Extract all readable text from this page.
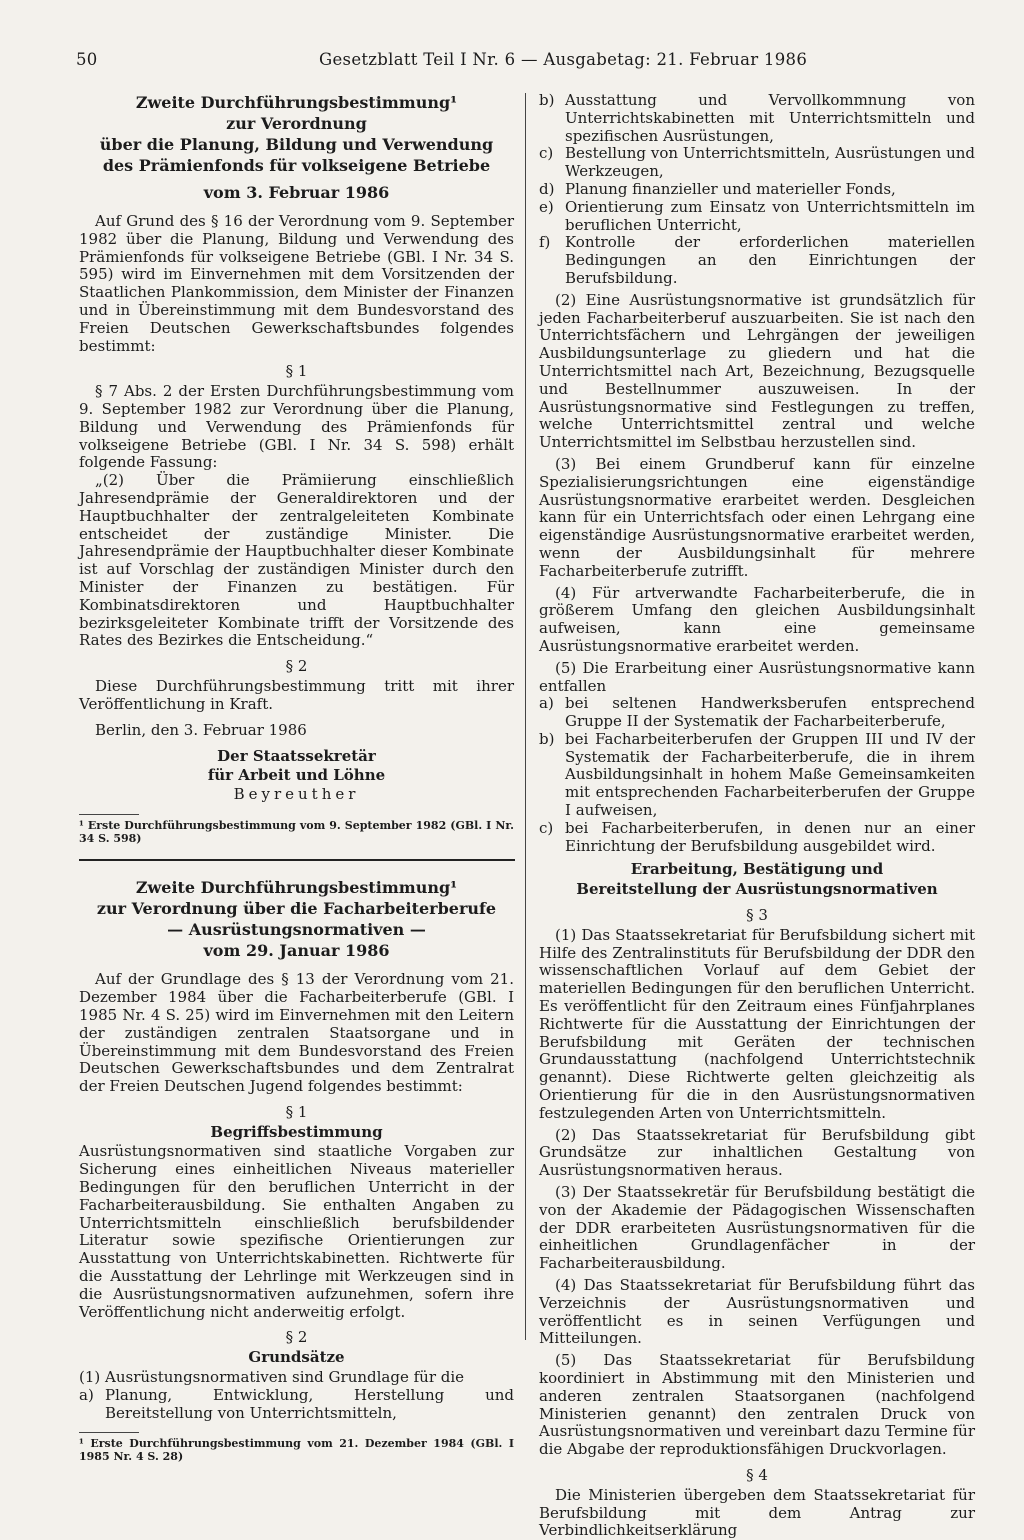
50	Gesetzblatt Teil I Nr. 6 — Ausgabetag: 21. Februar 1986
Zweite Durchführungsbestimmung¹
zur Verordnung
über die Planung, Bildung und Verwendung
des Prämienfonds für volkseigene Betriebe
vom 3. Februar 1986

Auf Grund des § 16 der Verordnung vom 9. September 1982 über die Planung, Bildung und Verwendung des Prämienfonds für volkseigene Betriebe (GBl. I Nr. 34 S. 595) wird im Einvernehmen mit dem Vorsitzenden der Staatlichen Plankommission, dem Minister der Finanzen und in Übereinstimmung mit dem Bundesvorstand des Freien Deutschen Gewerkschaftsbundes folgendes bestimmt:

§ 1

§ 7 Abs. 2 der Ersten Durchführungsbestimmung vom 9. September 1982 zur Verordnung über die Planung, Bildung und Verwendung des Prämienfonds für volkseigene Betriebe (GBl. I Nr. 34 S. 598) erhält folgende Fassung:

„(2) Über die Prämiierung einschließlich Jahresendprämie der Generaldirektoren und der Hauptbuchhalter der zentralgeleiteten Kombinate entscheidet der zuständige Minister. Die Jahresendprämie der Hauptbuchhalter dieser Kombinate ist auf Vorschlag der zuständigen Minister durch den Minister der Finanzen zu bestätigen. Für Kombinatsdirektoren und Hauptbuchhalter bezirksgeleiteter Kombinate trifft der Vorsitzende des Rates des Bezirkes die Entscheidung.“

§ 2

Diese Durchführungsbestimmung tritt mit ihrer Veröffentlichung in Kraft.

Berlin, den 3. Februar 1986

Der Staatssekretär
für Arbeit und Löhne
Beyreuther
¹ Erste Durchführungsbestimmung vom 9. September 1982 (GBl. I Nr. 34 S. 598)
Zweite Durchführungsbestimmung¹
zur Verordnung über die Facharbeiterberufe
— Ausrüstungsnormativen —
vom 29. Januar 1986

Auf der Grundlage des § 13 der Verordnung vom 21. Dezember 1984 über die Facharbeiterberufe (GBl. I 1985 Nr. 4 S. 25) wird im Einvernehmen mit den Leitern der zuständigen zentralen Staatsorgane und in Übereinstimmung mit dem Bundesvorstand des Freien Deutschen Gewerkschaftsbundes und dem Zentralrat der Freien Deutschen Jugend folgendes bestimmt:

§ 1
Begriffsbestimmung

Ausrüstungsnormativen sind staatliche Vorgaben zur Sicherung eines einheitlichen Niveaus materieller Bedingungen für den beruflichen Unterricht in der Facharbeiterausbildung. Sie enthalten Angaben zu Unterrichtsmitteln einschließlich berufsbildender Literatur sowie spezifische Orientierungen zur Ausstattung von Unterrichtskabinetten. Richtwerte für die Ausstattung der Lehrlinge mit Werkzeugen sind in die Ausrüstungsnormativen aufzunehmen, sofern ihre Veröffentlichung nicht anderweitig erfolgt.

§ 2
Grundsätze

(1) Ausrüstungsnormativen sind Grundlage für die

a) Planung, Entwicklung, Herstellung und Bereitstellung von Unterrichtsmitteln,
¹ Erste Durchführungsbestimmung vom 21. Dezember 1984 (GBl. I 1985 Nr. 4 S. 28)
b) Ausstattung und Vervollkommnung von Unterrichtskabinetten mit Unterrichtsmitteln und spezifischen Ausrüstungen,
c) Bestellung von Unterrichtsmitteln, Ausrüstungen und Werkzeugen,
d) Planung finanzieller und materieller Fonds,
e) Orientierung zum Einsatz von Unterrichtsmitteln im beruflichen Unterricht,
f) Kontrolle der erforderlichen materiellen Bedingungen an den Einrichtungen der Berufsbildung.

(2) Eine Ausrüstungsnormative ist grundsätzlich für jeden Facharbeiterberuf auszuarbeiten. Sie ist nach den Unterrichtsfächern und Lehrgängen der jeweiligen Ausbildungsunterlage zu gliedern und hat die Unterrichtsmittel nach Art, Bezeichnung, Bezugsquelle und Bestellnummer auszuweisen. In der Ausrüstungsnormative sind Festlegungen zu treffen, welche Unterrichtsmittel zentral und welche Unterrichtsmittel im Selbstbau herzustellen sind.

(3) Bei einem Grundberuf kann für einzelne Spezialisierungsrichtungen eine eigenständige Ausrüstungsnormative erarbeitet werden. Desgleichen kann für ein Unterrichtsfach oder einen Lehrgang eine eigenständige Ausrüstungsnormative erarbeitet werden, wenn der Ausbildungsinhalt für mehrere Facharbeiterberufe zutrifft.

(4) Für artverwandte Facharbeiterberufe, die in größerem Umfang den gleichen Ausbildungsinhalt aufweisen, kann eine gemeinsame Ausrüstungsnormative erarbeitet werden.

(5) Die Erarbeitung einer Ausrüstungsnormative kann entfallen

a) bei seltenen Handwerksberufen entsprechend Gruppe II der Systematik der Facharbeiterberufe,
b) bei Facharbeiterberufen der Gruppen III und IV der Systematik der Facharbeiterberufe, die in ihrem Ausbildungsinhalt in hohem Maße Gemeinsamkeiten mit entsprechenden Facharbeiterberufen der Gruppe I aufweisen,
c) bei Facharbeiterberufen, in denen nur an einer Einrichtung der Berufsbildung ausgebildet wird.
Erarbeitung, Bestätigung und
Bereitstellung der Ausrüstungsnormativen
§ 3

(1) Das Staatssekretariat für Berufsbildung sichert mit Hilfe des Zentralinstituts für Berufsbildung der DDR den wissenschaftlichen Vorlauf auf dem Gebiet der materiellen Bedingungen für den beruflichen Unterricht. Es veröffentlicht für den Zeitraum eines Fünfjahrplanes Richtwerte für die Ausstattung der Einrichtungen der Berufsbildung mit Geräten der technischen Grundausstattung (nachfolgend Unterrichtstechnik genannt). Diese Richtwerte gelten gleichzeitig als Orientierung für die in den Ausrüstungsnormativen festzulegenden Arten von Unterrichtsmitteln.

(2) Das Staatssekretariat für Berufsbildung gibt Grundsätze zur inhaltlichen Gestaltung von Ausrüstungsnormativen heraus.

(3) Der Staatssekretär für Berufsbildung bestätigt die von der Akademie der Pädagogischen Wissenschaften der DDR erarbeiteten Ausrüstungsnormativen für die einheitlichen Grundlagenfächer in der Facharbeiterausbildung.

(4) Das Staatssekretariat für Berufsbildung führt das Verzeichnis der Ausrüstungsnormativen und veröffentlicht es in seinen Verfügungen und Mitteilungen.

(5) Das Staatssekretariat für Berufsbildung koordiniert in Abstimmung mit den Ministerien und anderen zentralen Staatsorganen (nachfolgend Ministerien genannt) den zentralen Druck von Ausrüstungsnormativen und vereinbart dazu Termine für die Abgabe der reproduktionsfähigen Druckvorlagen.

§ 4

Die Ministerien übergeben dem Staatssekretariat für Berufsbildung mit dem Antrag zur Verbindlichkeitserklärung
